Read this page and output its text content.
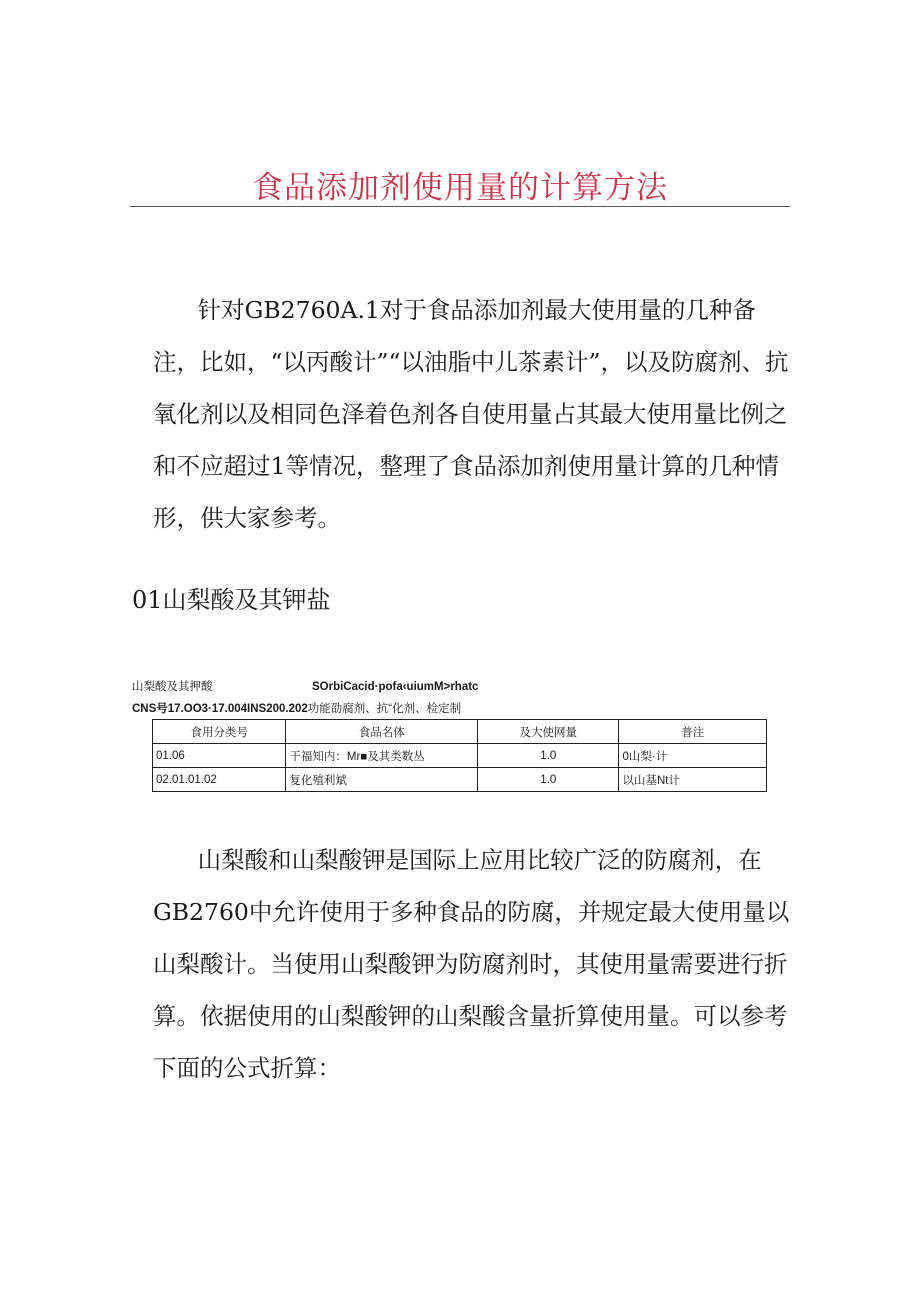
食品添加剂使用量的计算方法

针对GB2760A.1对于食品添加剂最大使用量的几种备注，比如，“以丙酸计”“以油脂中儿茶素计”，以及防腐剂、抗氧化剂以及相同色泽着色剂各自使用量占其最大使用量比例之和不应超过1等情况，整理了食品添加剂使用量计算的几种情形，供大家参考。

01山梨酸及其钾盐

山梨酸及其押酸	SOrbiCacid·pofa‹uiumM>rhatc
CNS号17.OO3·17.004INS200.202功能劭腐剂、抗“化剂、检定制
食用分类号	食品名体	及大使网量	普注
01.06	干福知内：Mr■及其类数丛	1.0	0山梨·计
02.01.01.02	复化殖利斌	1.0	以山基Nt计

山梨酸和山梨酸钾是国际上应用比较广泛的防腐剂，在GB2760中允许使用于多种食品的防腐，并规定最大使用量以山梨酸计。当使用山梨酸钾为防腐剂时，其使用量需要进行折算。依据使用的山梨酸钾的山梨酸含量折算使用量。可以参考下面的公式折算：
